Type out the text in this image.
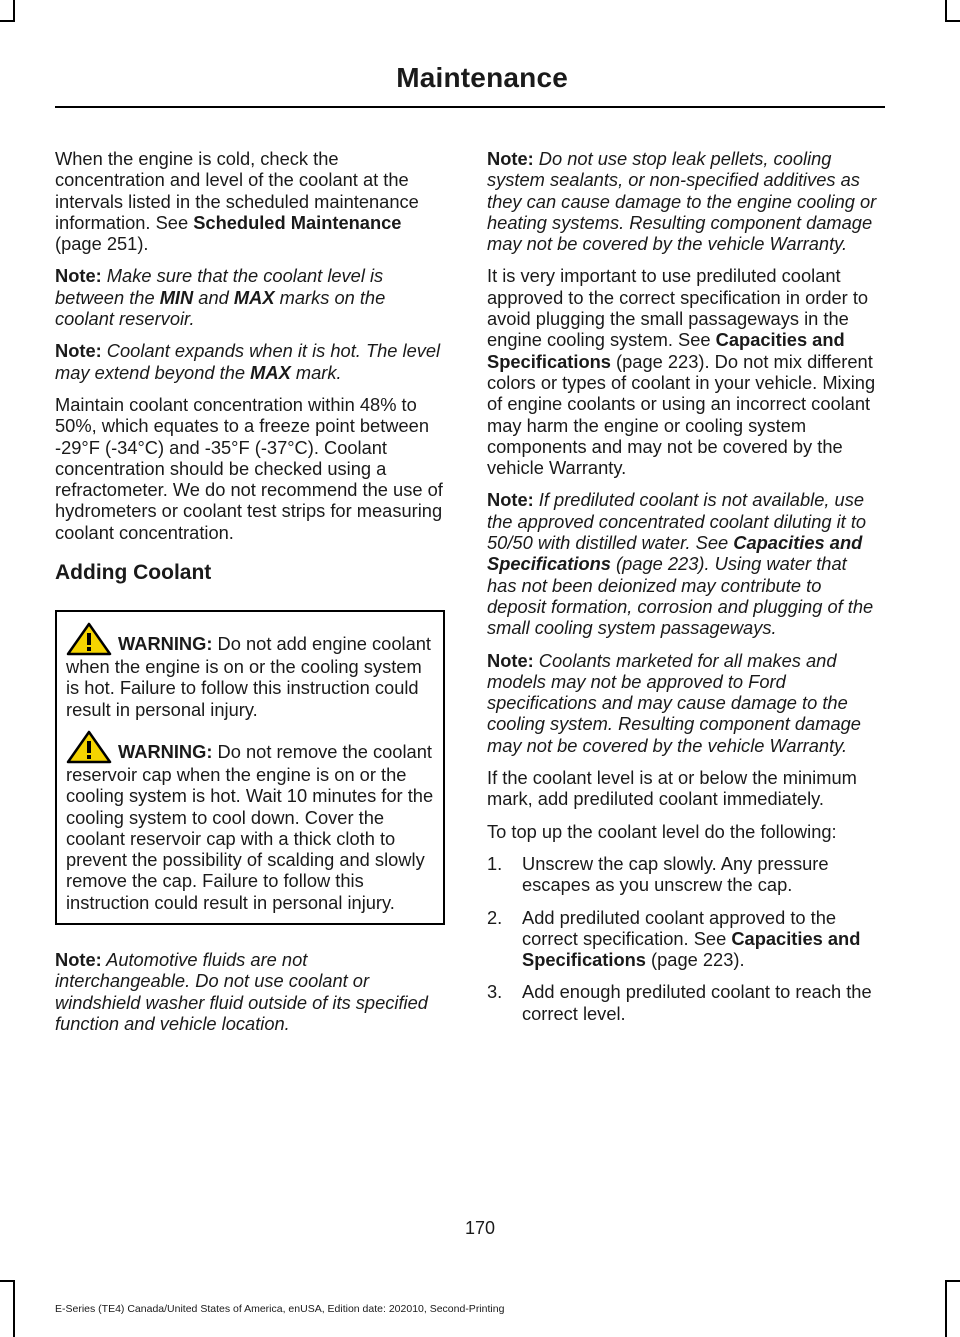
Maintenance

When the engine is cold, check the concentration and level of the coolant at the intervals listed in the scheduled maintenance information. See Scheduled Maintenance (page 251).

Note: Make sure that the coolant level is between the MIN and MAX marks on the coolant reservoir.

Note: Coolant expands when it is hot. The level may extend beyond the MAX mark.

Maintain coolant concentration within 48% to 50%, which equates to a freeze point between -29°F (-34°C) and -35°F (-37°C). Coolant concentration should be checked using a refractometer. We do not recommend the use of hydrometers or coolant test strips for measuring coolant concentration.

Adding Coolant

WARNING: Do not add engine coolant when the engine is on or the cooling system is hot. Failure to follow this instruction could result in personal injury.

WARNING: Do not remove the coolant reservoir cap when the engine is on or the cooling system is hot. Wait 10 minutes for the cooling system to cool down. Cover the coolant reservoir cap with a thick cloth to prevent the possibility of scalding and slowly remove the cap. Failure to follow this instruction could result in personal injury.

Note: Automotive fluids are not interchangeable. Do not use coolant or windshield washer fluid outside of its specified function and vehicle location.

Note: Do not use stop leak pellets, cooling system sealants, or non-specified additives as they can cause damage to the engine cooling or heating systems. Resulting component damage may not be covered by the vehicle Warranty.

It is very important to use prediluted coolant approved to the correct specification in order to avoid plugging the small passageways in the engine cooling system. See Capacities and Specifications (page 223). Do not mix different colors or types of coolant in your vehicle. Mixing of engine coolants or using an incorrect coolant may harm the engine or cooling system components and may not be covered by the vehicle Warranty.

Note: If prediluted coolant is not available, use the approved concentrated coolant diluting it to 50/50 with distilled water. See Capacities and Specifications (page 223). Using water that has not been deionized may contribute to deposit formation, corrosion and plugging of the small cooling system passageways.

Note: Coolants marketed for all makes and models may not be approved to Ford specifications and may cause damage to the cooling system. Resulting component damage may not be covered by the vehicle Warranty.

If the coolant level is at or below the minimum mark, add prediluted coolant immediately.

To top up the coolant level do the following:

1. Unscrew the cap slowly. Any pressure escapes as you unscrew the cap.
2. Add prediluted coolant approved to the correct specification. See Capacities and Specifications (page 223).
3. Add enough prediluted coolant to reach the correct level.
170
E-Series (TE4) Canada/United States of America, enUSA, Edition date: 202010, Second-Printing
